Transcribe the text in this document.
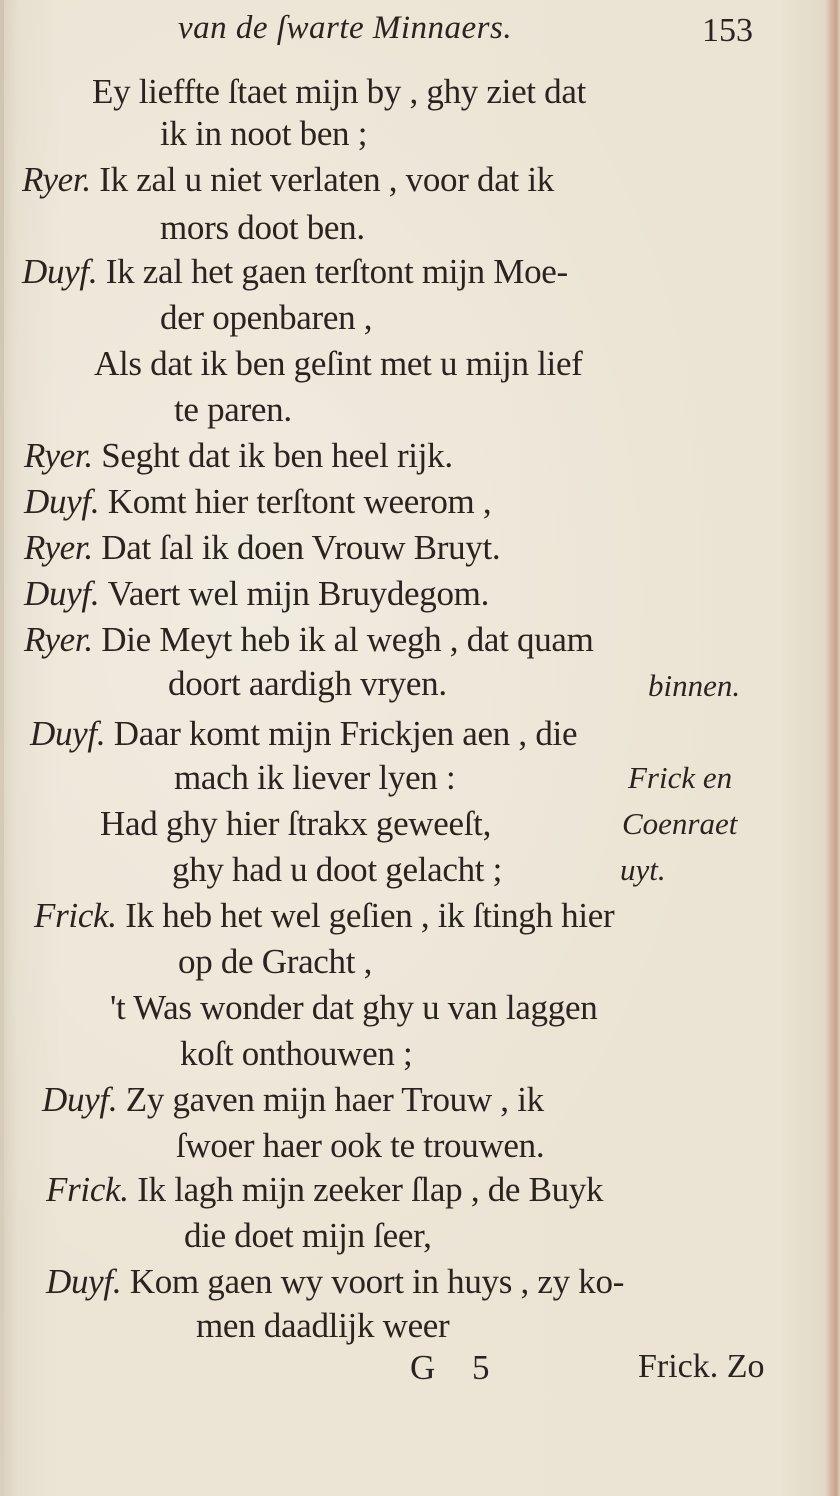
van de ſwarte Minnaers.	153
Ey lieffte ſtaet mijn by , ghy ziet dat
ik in noot ben ;
Ryer. Ik zal u niet verlaten , voor dat ik
mors doot ben.
Duyf. Ik zal het gaen terſtont mijn Moe-
der openbaren ,
Als dat ik ben geſint met u mijn lief
te paren.
Ryer. Seght dat ik ben heel rijk.
Duyf. Komt hier terſtont weerom ,
Ryer. Dat ſal ik doen Vrouw Bruyt.
Duyf. Vaert wel mijn Bruydegom.
Ryer. Die Meyt heb ik al wegh , dat quam
doort aardigh vryen.	binnen.
Duyf. Daar komt mijn Frickjen aen , die
mach ik liever lyen :	Frick en
Had ghy hier ſtrakx geweeſt,	Coenraet
ghy had u doot gelacht ;	uyt.
Frick. Ik heb het wel geſien , ik ſtingh hier
op de Gracht ,
't Was wonder dat ghy u van laggen
koſt onthouwen ;
Duyf. Zy gaven mijn haer Trouw , ik
ſwoer haer ook te trouwen.
Frick. Ik lagh mijn zeeker ſlap , de Buyk
die doet mijn ſeer,
Duyf. Kom gaen wy voort in huys , zy ko-
men daadlijk weer
G 5	Frick. Zo
